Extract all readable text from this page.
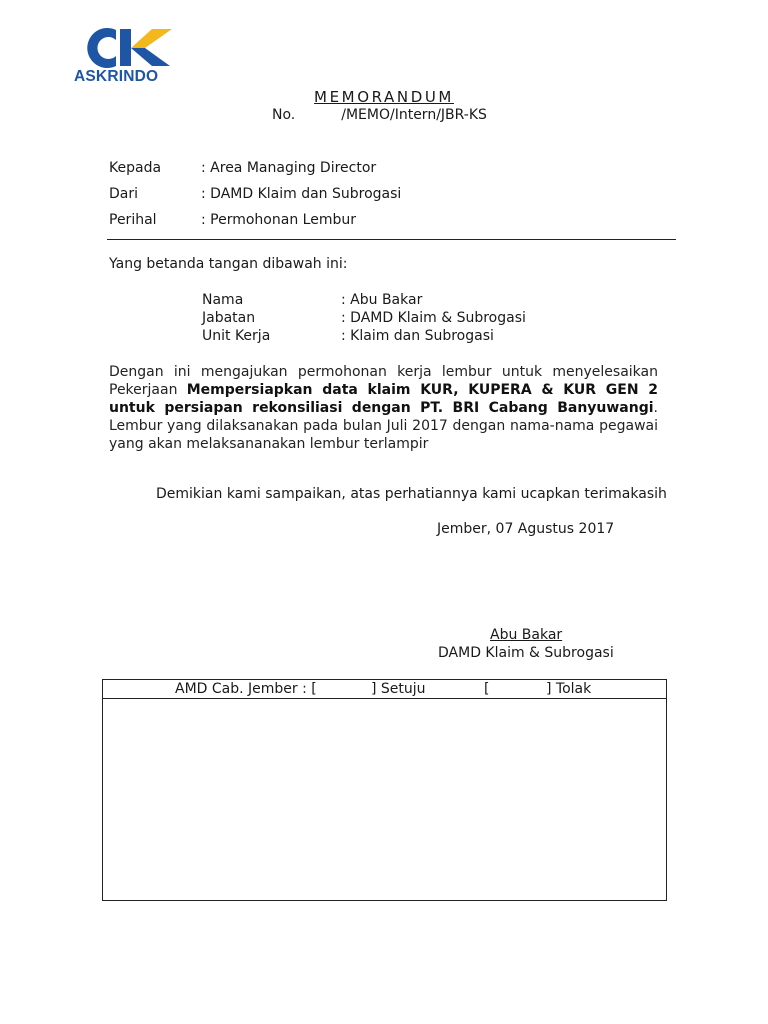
ASKRINDO
MEMORANDUM
No.	/MEMO/Intern/JBR-KS
Kepada	: Area Managing Director
Dari	: DAMD Klaim dan Subrogasi
Perihal	: Permohonan Lembur
Yang betanda tangan dibawah ini:
Nama	: Abu Bakar
Jabatan	: DAMD Klaim & Subrogasi
Unit Kerja	: Klaim dan Subrogasi
Dengan ini mengajukan permohonan kerja lembur untuk menyelesaikan Pekerjaan Mempersiapkan data klaim KUR, KUPERA & KUR GEN 2 untuk persiapan rekonsiliasi dengan PT. BRI Cabang Banyuwangi. Lembur yang dilaksanakan pada bulan Juli 2017 dengan nama-nama pegawai yang akan melaksananakan lembur terlampir
Demikian kami sampaikan, atas perhatiannya kami ucapkan terimakasih
Jember, 07 Agustus 2017
Abu Bakar
DAMD Klaim & Subrogasi
AMD Cab. Jember : [	] Setuju	[	] Tolak
